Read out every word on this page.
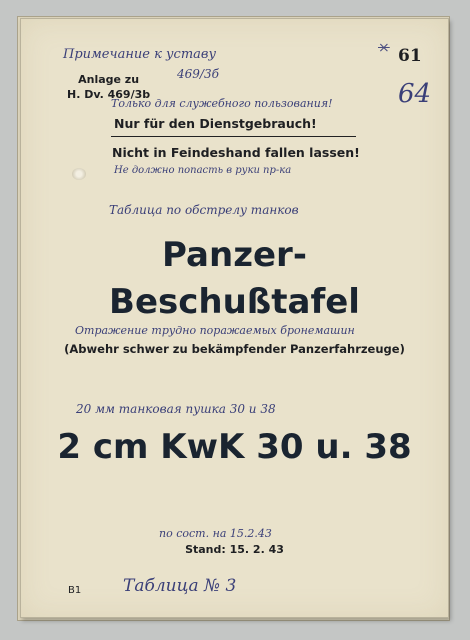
Примечание к уставу
469/3б
Anlage zu
H. Dv. 469/3b
× 61
64
Только для служебного пользования!
Nur für den Dienstgebrauch!
Nicht in Feindeshand fallen lassen!
Не должно попасть в руки пр-ка
Таблица по обстрелу танков
Panzer-
Beschußtafel
Отражение трудно поражаемых бронемашин
(Abwehr schwer zu bekämpfender Panzerfahrzeuge)
20 мм танковая пушка 30 и 38
2 cm KwK 30 u. 38
по сост. на 15.2.43
Stand: 15. 2. 43
B1 Таблица № 3
